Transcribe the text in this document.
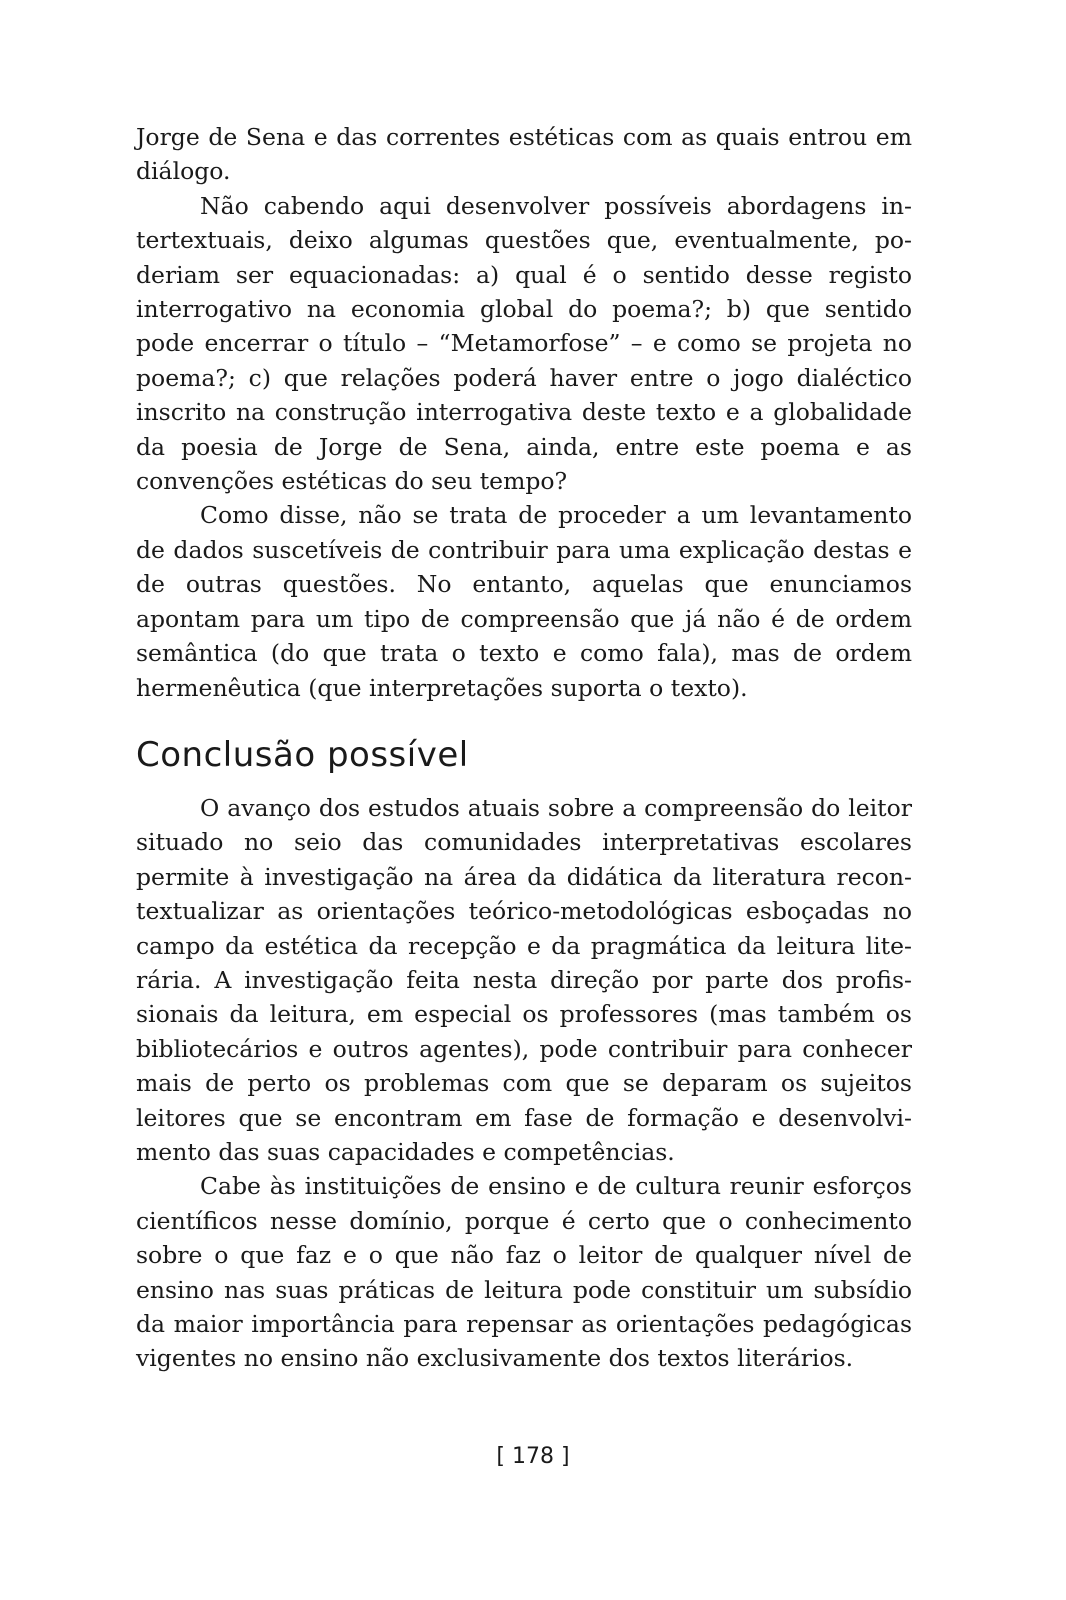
Jorge de Sena e das correntes estéticas com as quais entrou em diálogo.

Não cabendo aqui desenvolver possíveis abordagens intertextuais, deixo algumas questões que, eventualmente, poderiam ser equacionadas: a) qual é o sentido desse registo interrogativo na economia global do poema?; b) que sentido pode encerrar o título – “Metamorfose” – e como se projeta no poema?; c) que relações poderá haver entre o jogo dialéctico inscrito na construção interrogativa deste texto e a globalidade da poesia de Jorge de Sena, ainda, entre este poema e as convenções estéticas do seu tempo?

Como disse, não se trata de proceder a um levantamento de dados suscetíveis de contribuir para uma explicação destas e de outras questões. No entanto, aquelas que enunciamos apontam para um tipo de compreensão que já não é de ordem semântica (do que trata o texto e como fala), mas de ordem hermenêutica (que interpretações suporta o texto).

Conclusão possível

O avanço dos estudos atuais sobre a compreensão do leitor situado no seio das comunidades interpretativas escolares permite à investigação na área da didática da literatura recontextualizar as orientações teórico-metodológicas esboçadas no campo da estética da recepção e da pragmática da leitura literária. A investigação feita nesta direção por parte dos profissionais da leitura, em especial os professores (mas também os bibliotecários e outros agentes), pode contribuir para conhecer mais de perto os problemas com que se deparam os sujeitos leitores que se encontram em fase de formação e desenvolvimento das suas capacidades e competências.

Cabe às instituições de ensino e de cultura reunir esforços científicos nesse domínio, porque é certo que o conhecimento sobre o que faz e o que não faz o leitor de qualquer nível de ensino nas suas práticas de leitura pode constituir um subsídio da maior importância para repensar as orientações pedagógicas vigentes no ensino não exclusivamente dos textos literários.

[ 178 ]
